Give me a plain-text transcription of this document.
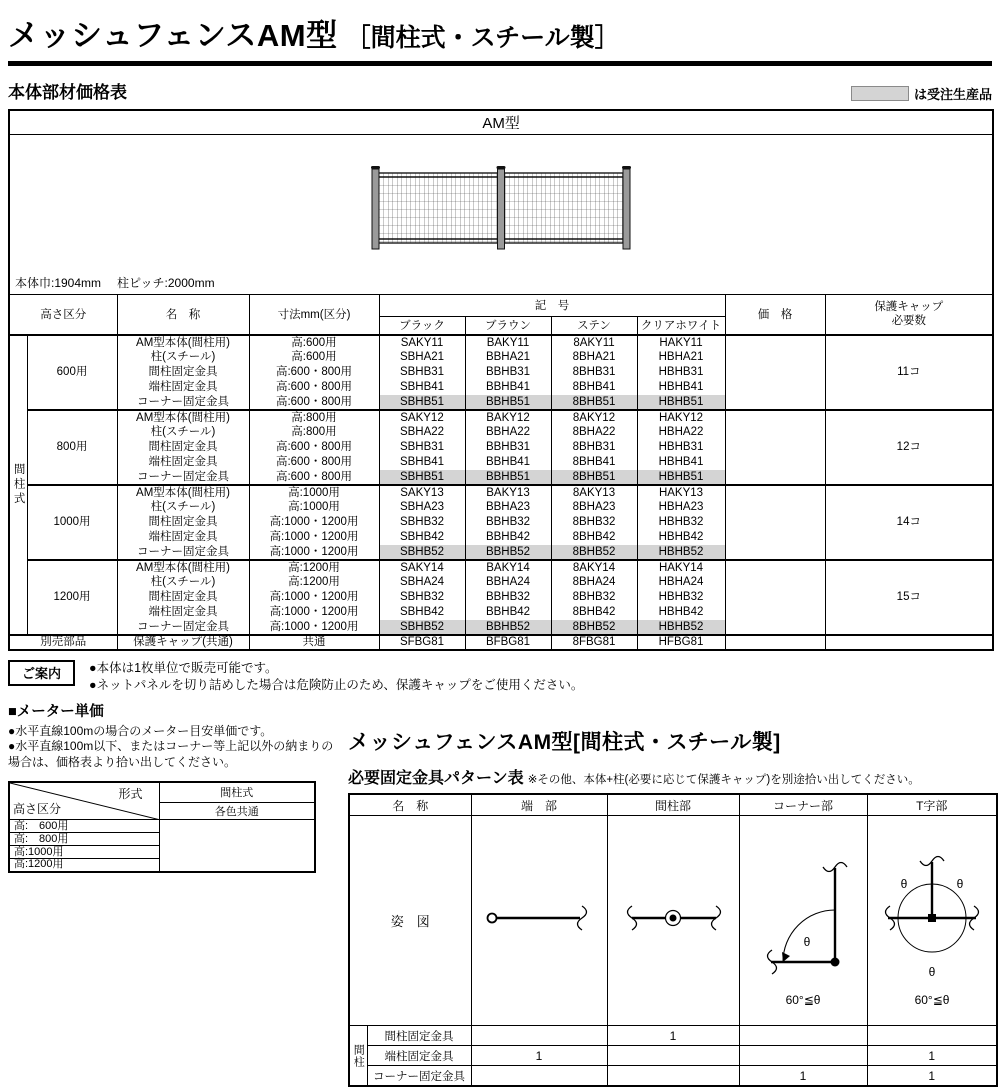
メッシュフェンスAM型 ［間柱式・スチール製］
本体部材価格表	は受注生産品
AM型									

本体巾:1904mm 柱ピッチ:2000mm									

高さ区分		名　称	寸法mm(区分)	記　号				価　格	保護キャップ
必要数
				ブラック	ブラウン	ステン	クリアホワイト		
間柱式	600用	AM型本体(間柱用)	高:600用	SAKY11	BAKY11	8AKY11	HAKY11		11コ
		柱(スチール)	高:600用	SBHA21	BBHA21	8BHA21	HBHA21		
		間柱固定金具	高:600・800用	SBHB31	BBHB31	8BHB31	HBHB31		
		端柱固定金具	高:600・800用	SBHB41	BBHB41	8BHB41	HBHB41		
		コーナー固定金具	高:600・800用	SBHB51	BBHB51	8BHB51	HBHB51		
	800用	AM型本体(間柱用)	高:800用	SAKY12	BAKY12	8AKY12	HAKY12		12コ
		柱(スチール)	高:800用	SBHA22	BBHA22	8BHA22	HBHA22		
		間柱固定金具	高:600・800用	SBHB31	BBHB31	8BHB31	HBHB31		
		端柱固定金具	高:600・800用	SBHB41	BBHB41	8BHB41	HBHB41		
		コーナー固定金具	高:600・800用	SBHB51	BBHB51	8BHB51	HBHB51		
	1000用	AM型本体(間柱用)	高:1000用	SAKY13	BAKY13	8AKY13	HAKY13		14コ
		柱(スチール)	高:1000用	SBHA23	BBHA23	8BHA23	HBHA23		
		間柱固定金具	高:1000・1200用	SBHB32	BBHB32	8BHB32	HBHB32		
		端柱固定金具	高:1000・1200用	SBHB42	BBHB42	8BHB42	HBHB42		
		コーナー固定金具	高:1000・1200用	SBHB52	BBHB52	8BHB52	HBHB52		
	1200用	AM型本体(間柱用)	高:1200用	SAKY14	BAKY14	8AKY14	HAKY14		15コ
		柱(スチール)	高:1200用	SBHA24	BBHA24	8BHA24	HBHA24		
		間柱固定金具	高:1000・1200用	SBHB32	BBHB32	8BHB32	HBHB32		
		端柱固定金具	高:1000・1200用	SBHB42	BBHB42	8BHB42	HBHB42		
		コーナー固定金具	高:1000・1200用	SBHB52	BBHB52	8BHB52	HBHB52		
別売部品		保護キャップ(共通)	共通	SFBG81	BFBG81	8FBG81	HFBG81		
ご案内	●本体は1枚単位で販売可能です。
●ネットパネルを切り詰めした場合は危険防止のため、保護キャップをご使用ください。
■メーター単価
●水平直線100mの場合のメーター目安単価です。
●水平直線100m以下、またはコーナー等上記以外の納まりの場合は、価格表より拾い出してください。
形式
高さ区分	間柱式
	各色共通
高:　600用	
高:　800用	
高:1000用	
高:1200用	
メッシュフェンスAM型[間柱式・スチール製]
必要固定金具パターン表 ※その他、本体+柱(必要に応じて保護キャップ)を別途拾い出してください。
名　称		端　部	間柱部	コーナー部	T字部
姿　図				θ
60°≦θ	θ θ
θ
60°≦θ

間柱	間柱固定金具		1		
	端柱固定金具	1			1
	コーナー固定金具			1	1
